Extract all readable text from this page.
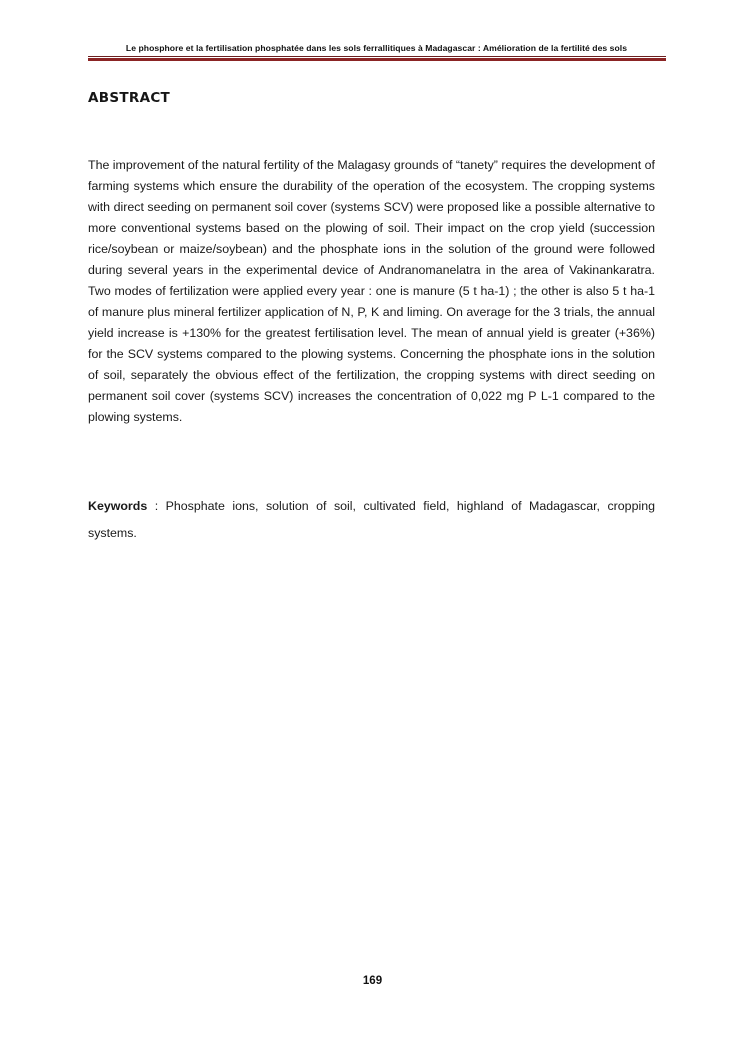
Le phosphore et la fertilisation phosphatée dans les sols ferrallitiques à Madagascar : Amélioration de la fertilité des sols
ABSTRACT

The improvement of the natural fertility of the Malagasy grounds of “tanety” requires the development of farming systems which ensure the durability of the operation of the ecosystem. The cropping systems with direct seeding on permanent soil cover (systems SCV) were proposed like a possible alternative to more conventional systems based on the plowing of soil. Their impact on the crop yield (succession rice/soybean or maize/soybean) and the phosphate ions in the solution of the ground were followed during several years in the experimental device of Andranomanelatra in the area of Vakinankaratra. Two modes of fertilization were applied every year : one is manure (5 t ha-1) ; the other is also 5 t ha-1 of manure plus mineral fertilizer application of N, P, K and liming. On average for the 3 trials, the annual yield increase is +130% for the greatest fertilisation level. The mean of annual yield is greater (+36%) for the SCV systems compared to the plowing systems. Concerning the phosphate ions in the solution of soil, separately the obvious effect of the fertilization, the cropping systems with direct seeding on permanent soil cover (systems SCV) increases the concentration of 0,022 mg P L-1 compared to the plowing systems.

Keywords : Phosphate ions, solution of soil, cultivated field, highland of Madagascar, cropping systems.

169
